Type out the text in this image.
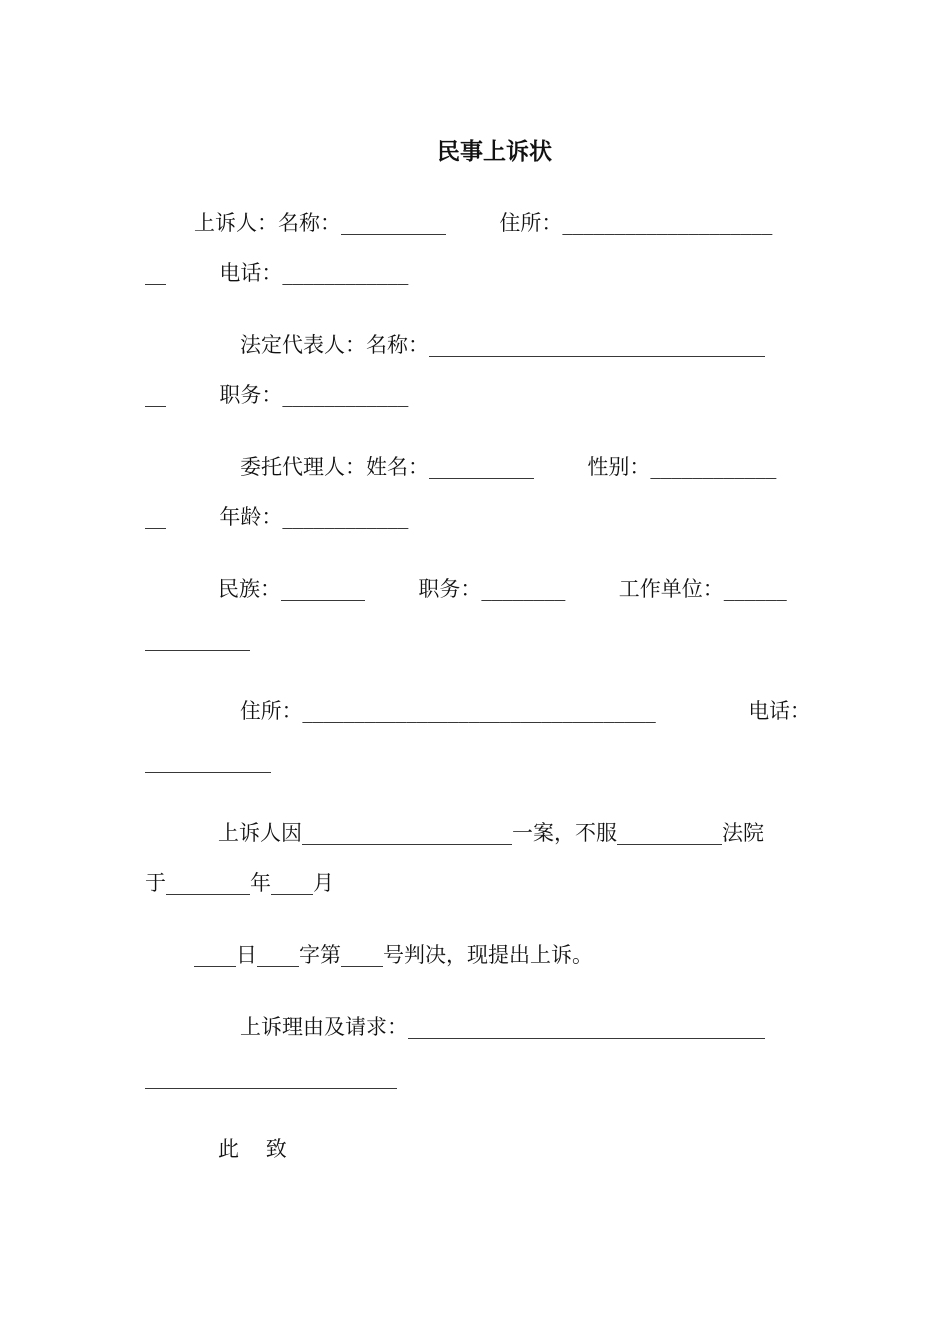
民事上诉状
上诉人：名称：__________        住所：____________________
__        电话：____________
法定代表人：名称：________________________________
__        职务：____________
委托代理人：姓名：__________        性别：____________
__        年龄：____________
民族：________        职务：________        工作单位：______
__________
住所：__________________________________              电话：
____________
上诉人因____________________一案，不服__________法院
于________年____月
____日____字第____号判决，现提出上诉。
上诉理由及请求：__________________________________
________________________
此    致
